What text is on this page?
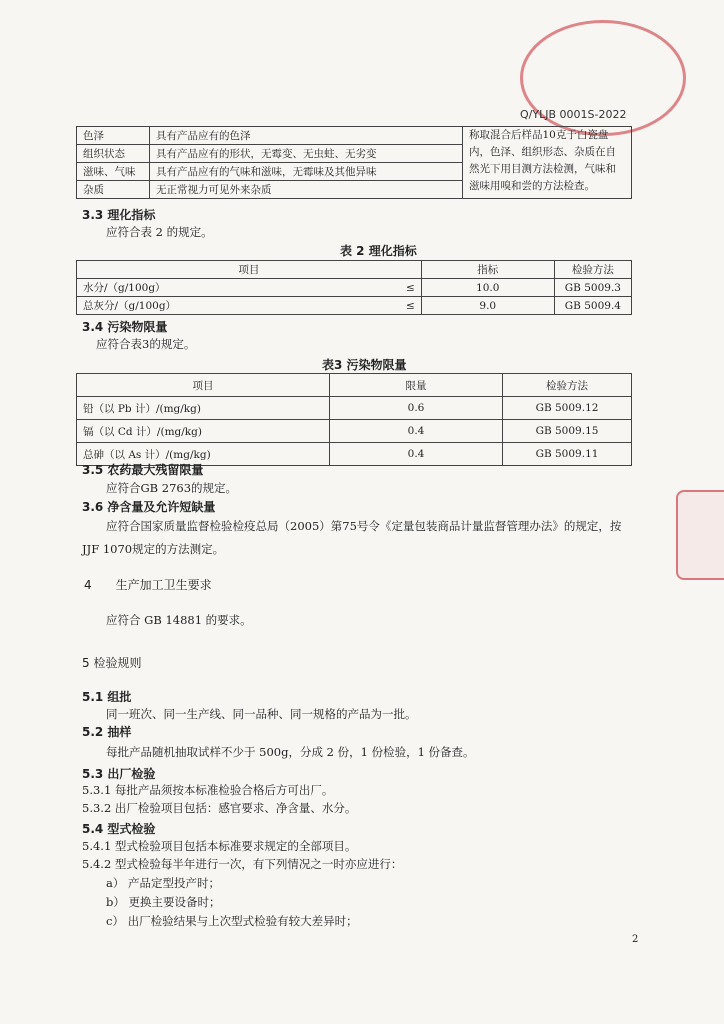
Q/YLJB 0001S-2022
色泽	具有产品应有的色泽	称取混合后样品10克于白瓷盘
内，色泽、组织形态、杂质在自
然光下用目测方法检测，气味和
滋味用嗅和尝的方法检查。

组织状态	具有产品应有的形状，无霉变、无虫蛀、无劣变	
滋味、气味	具有产品应有的气味和滋味，无霉味及其他异味	
杂质	无正常视力可见外来杂质	
3.3 理化指标
应符合表 2 的规定。
表 2 理化指标
项目		指标	检验方法
水分/（g/100g）	≤	10.0	GB 5009.3
总灰分/（g/100g）	≤	9.0	GB 5009.4
3.4 污染物限量
应符合表3的规定。
表3 污染物限量
项目	限量	检验方法
铅（以 Pb 计）/(mg/kg)	0.6	GB 5009.12
镉（以 Cd 计）/(mg/kg)	0.4	GB 5009.15
总砷（以 As 计）/(mg/kg)	0.4	GB 5009.11
3.5 农药最大残留限量
应符合GB 2763的规定。
3.6 净含量及允许短缺量
应符合国家质量监督检验检疫总局（2005）第75号令《定量包装商品计量监督管理办法》的规定，按
JJF 1070规定的方法测定。
4　　生产加工卫生要求
应符合 GB 14881 的要求。
5 检验规则
5.1 组批
同一班次、同一生产线、同一品种、同一规格的产品为一批。
5.2 抽样
每批产品随机抽取试样不少于 500g，分成 2 份，1 份检验，1 份备查。
5.3 出厂检验
5.3.1 每批产品须按本标准检验合格后方可出厂。
5.3.2 出厂检验项目包括：感官要求、净含量、水分。
5.4 型式检验
5.4.1 型式检验项目包括本标准要求规定的全部项目。
5.4.2 型式检验每半年进行一次，有下列情况之一时亦应进行：
a） 产品定型投产时；
b） 更换主要设备时；
c） 出厂检验结果与上次型式检验有较大差异时；
2
